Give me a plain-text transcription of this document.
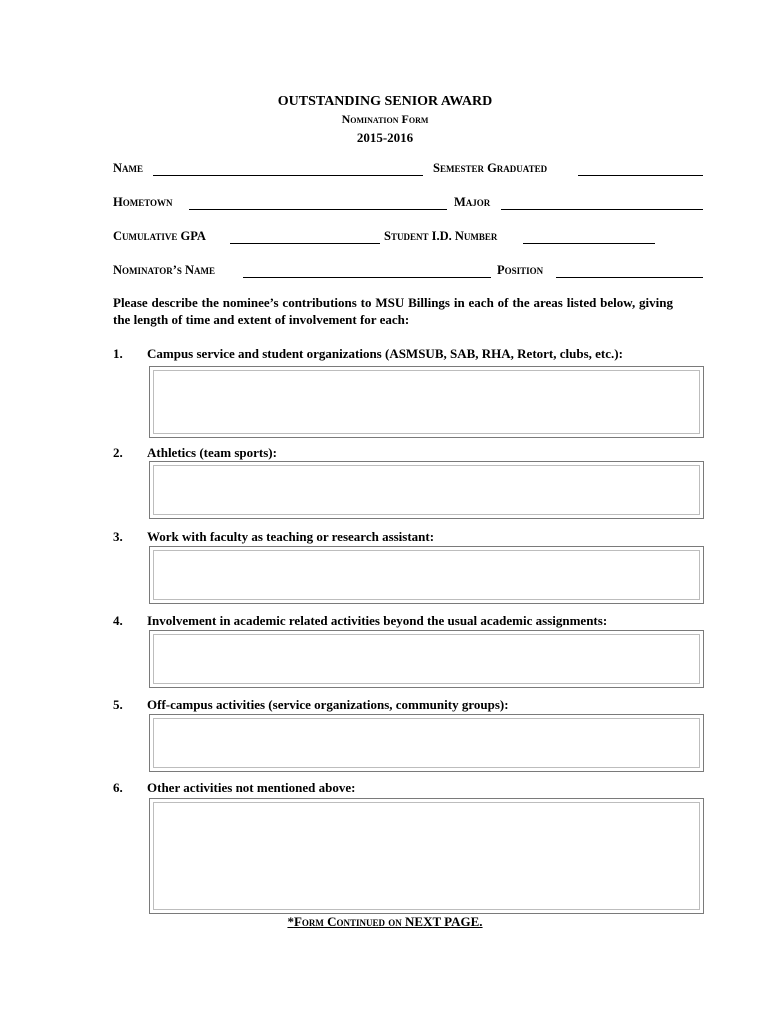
OUTSTANDING SENIOR AWARD
Nomination Form
2015-2016
Name	Semester Graduated
Hometown	Major
Cumulative GPA	Student I.D. Number
Nominator’s Name	Position
Please describe the nominee’s contributions to MSU Billings in each of the areas listed below, giving the length of time and extent of involvement for each:
1. Campus service and student organizations (ASMSUB, SAB, RHA, Retort, clubs, etc.):
2. Athletics (team sports):
3. Work with faculty as teaching or research assistant:
4. Involvement in academic related activities beyond the usual academic assignments:
5. Off-campus activities (service organizations, community groups):
6. Other activities not mentioned above:
*Form Continued on NEXT PAGE.
